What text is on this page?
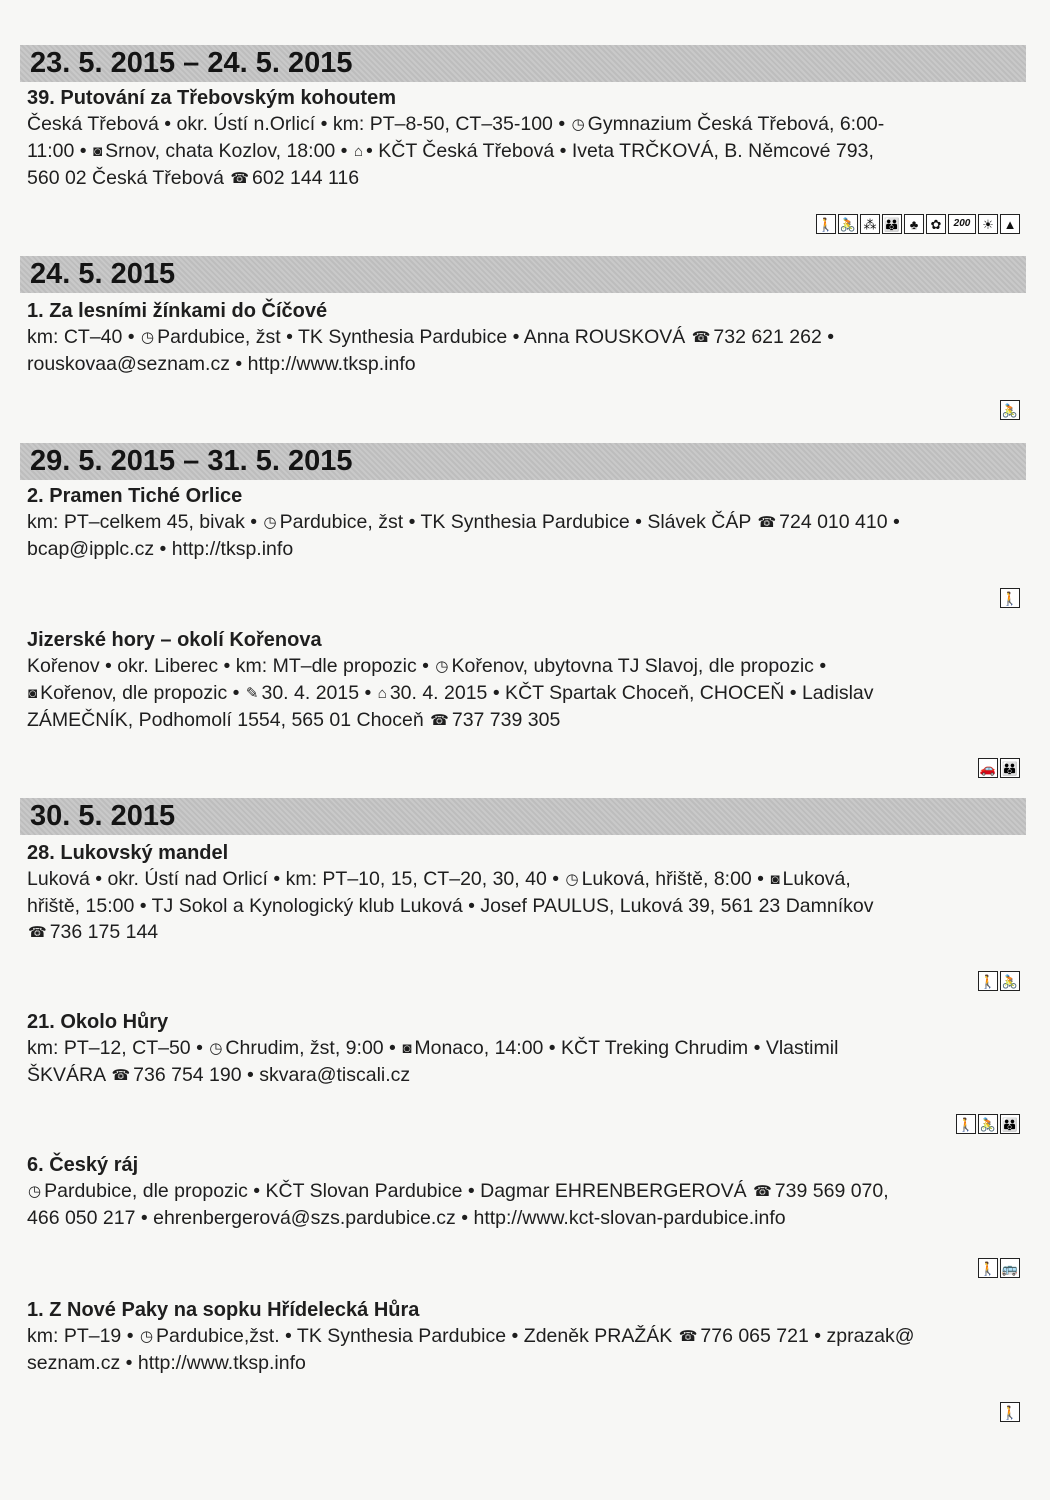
23. 5. 2015 – 24. 5. 2015
39. Putování za Třebovským kohoutem
Česká Třebová • okr. Ústí n.Orlicí • km: PT–8-50, CT–35-100 • ◷ Gymnazium Česká Třebová, 6:00-
11:00 • ◙ Srnov, chata Kozlov, 18:00 • ⌂ • KČT Česká Třebová • Iveta TRČKOVÁ, B. Němcové 793,
560 02 Česká Třebová ☎ 602 144 116
🚶 🚴 ⁂ 👪 ♣ ✿	200 ☀ ▲
24. 5. 2015
1. Za lesními žínkami do Číčové
km: CT–40 • ◷ Pardubice, žst • TK Synthesia Pardubice • Anna ROUSKOVÁ ☎ 732 621 262 •
rouskovaa@seznam.cz • http://www.tksp.info
🚴
29. 5. 2015 – 31. 5. 2015
2. Pramen Tiché Orlice
km: PT–celkem 45, bivak • ◷ Pardubice, žst • TK Synthesia Pardubice • Slávek ČÁP ☎ 724 010 410 •
bcap@ipplc.cz • http://tksp.info
🚶
Jizerské hory – okolí Kořenova
Kořenov • okr. Liberec • km: MT–dle propozic • ◷ Kořenov, ubytovna TJ Slavoj, dle propozic •
◙ Kořenov, dle propozic • ✎ 30. 4. 2015 • ⌂ 30. 4. 2015 • KČT Spartak Choceň, CHOCEŇ • Ladislav
ZÁMEČNÍK, Podhomolí 1554, 565 01 Choceň ☎ 737 739 305
🚗 👪
30. 5. 2015
28. Lukovský mandel
Luková • okr. Ústí nad Orlicí • km: PT–10, 15, CT–20, 30, 40 • ◷ Luková, hřiště, 8:00 • ◙ Luková,
hřiště, 15:00 • TJ Sokol a Kynologický klub Luková • Josef PAULUS, Luková 39, 561 23 Damníkov
☎ 736 175 144
🚶 🚴
21. Okolo Hůry
km: PT–12, CT–50 • ◷ Chrudim, žst, 9:00 • ◙ Monaco, 14:00 • KČT Treking Chrudim • Vlastimil
ŠKVÁRA ☎ 736 754 190 • skvara@tiscali.cz
🚶 🚴 👪
6. Český ráj
◷ Pardubice, dle propozic • KČT Slovan Pardubice • Dagmar EHRENBERGEROVÁ ☎ 739 569 070,
466 050 217 • ehrenbergerová@szs.pardubice.cz • http://www.kct-slovan-pardubice.info
🚶 🚌
1. Z Nové Paky na sopku Hřídelecká Hůra
km: PT–19 • ◷ Pardubice,žst. • TK Synthesia Pardubice • Zdeněk PRAŽÁK ☎ 776 065 721 • zprazak@
seznam.cz • http://www.tksp.info
🚶
